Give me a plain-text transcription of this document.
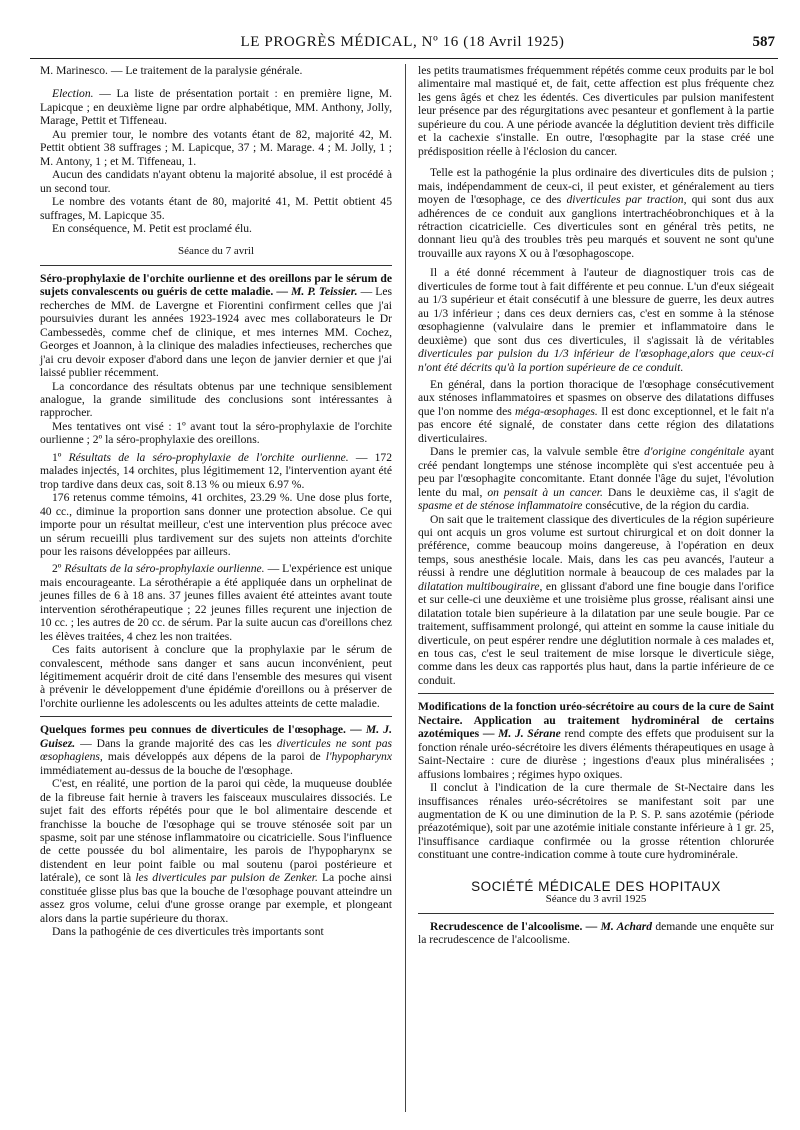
LE PROGRÈS MÉDICAL, Nº 16 (18 Avril 1925)	587

M. Marinesco. — Le traitement de la paralysie générale.

Election. — La liste de présentation portait : en première ligne, M. Lapicque ; en deuxième ligne par ordre alphabétique, MM. Anthony, Jolly, Marage, Pettit et Tiffeneau.

Au premier tour, le nombre des votants étant de 82, majorité 42, M. Pettit obtient 38 suffrages ; M. Lapicque, 37 ; M. Marage. 4 ; M. Jolly, 1 ; M. Antony, 1 ; et M. Tiffeneau, 1.

Aucun des candidats n'ayant obtenu la majorité absolue, il est procédé à un second tour.

Le nombre des votants étant de 80, majorité 41, M. Pettit obtient 45 suffrages, M. Lapicque 35.

En conséquence, M. Petit est proclamé élu.

Séance du 7 avril

Séro-prophylaxie de l'orchite ourlienne et des oreillons par le sérum de sujets convalescents ou guéris de cette maladie. — M. P. Teissier. — Les recherches de MM. de Lavergne et Fiorentini confirment celles que j'ai poursuivies durant les années 1923-1924 avec mes collaborateurs le Dr Cambessedès, comme chef de clinique, et mes internes MM. Cochez, Georges et Joannon, à la clinique des maladies infectieuses, recherches que j'ai cru devoir exposer d'abord dans une leçon de janvier dernier et que j'ai laissé publier récemment.

La concordance des résultats obtenus par une technique sensiblement analogue, la grande similitude des conclusions sont intéressantes à rapprocher.

Mes tentatives ont visé : 1º avant tout la séro-prophylaxie de l'orchite ourlienne ; 2º la séro-prophylaxie des oreillons.

1º Résultats de la séro-prophylaxie de l'orchite ourlienne. — 172 malades injectés, 14 orchites, plus légitimement 12, l'intervention ayant été trop tardive dans deux cas, soit 8.13 % ou mieux 6.97 %.

176 retenus comme témoins, 41 orchites, 23.29 %. Une dose plus forte, 40 cc., diminue la proportion sans donner une protection absolue. Ce qui importe pour un résultat meilleur, c'est une intervention plus précoce avec un sérum recueilli plus tardivement sur des sujets non atteints d'orchite pour les raisons développées par ailleurs.

2º Résultats de la séro-prophylaxie ourlienne. — L'expérience est unique mais encourageante. La sérothérapie a été appliquée dans un orphelinat de jeunes filles de 6 à 18 ans. 37 jeunes filles avaient été atteintes avant toute intervention sérothérapeutique ; 22 jeunes filles reçurent une injection de 10 cc. ; les autres de 20 cc. de sérum. Par la suite aucun cas d'oreillons chez les élèves traitées, 4 chez les non traitées.

Ces faits autorisent à conclure que la prophylaxie par le sérum de convalescent, méthode sans danger et sans aucun inconvénient, peut légitimement acquérir droit de cité dans l'ensemble des mesures qui visent à prévenir le développement d'une épidémie d'oreillons ou à préserver de l'orchite ourlienne les adolescents ou les adultes atteints de cette maladie.

Quelques formes peu connues de diverticules de l'œsophage. — M. J. Guisez. — Dans la grande majorité des cas les diverticules ne sont pas œsophagiens, mais développés aux dépens de la paroi de l'hypopharynx immédiatement au-dessus de la bouche de l'œsophage.

C'est, en réalité, une portion de la paroi qui cède, la muqueuse doublée de la fibreuse fait hernie à travers les faisceaux musculaires dissociés. Le sujet fait des efforts répétés pour que le bol alimentaire descende et franchisse la bouche de l'œsophage qui se trouve sténosée soit par un spasme, soit par une sténose inflammatoire ou cicatricielle. Sous l'influence de cette poussée du bol alimentaire, les parois de l'hypopharynx se distendent en leur point faible ou mal soutenu (paroi postérieure et latérale), ce sont là les diverticules par pulsion de Zenker. La poche ainsi constituée glisse plus bas que la bouche de l'œsophage pouvant atteindre un assez gros volume, celui d'une grosse orange par exemple, et plongeant alors dans la partie supérieure du thorax.

Dans la pathogénie de ces diverticules très importants sont

les petits traumatismes fréquemment répétés comme ceux produits par le bol alimentaire mal mastiqué et, de fait, cette affection est plus fréquente chez les gens âgés et chez les édentés. Ces diverticules par pulsion manifestent leur présence par des régurgitations avec pesanteur et gonflement à la partie supérieure du cou. A une période avancée la déglutition devient très difficile et la cachexie s'installe. En outre, l'œsophagite par la stase créé une prédisposition réelle à l'éclosion du cancer.

Telle est la pathogénie la plus ordinaire des diverticules dits de pulsion ; mais, indépendamment de ceux-ci, il peut exister, et généralement au tiers moyen de l'œsophage, ce des diverticules par traction, qui sont dus aux adhérences de ce conduit aux ganglions intertrachéobronchiques et à la rétraction cicatricielle. Ces diverticules sont en général très petits, ne donnant lieu qu'à des troubles très peu marqués et souvent ne sont qu'une trouvaille aux rayons X ou à l'œsophagoscope.

Il a été donné récemment à l'auteur de diagnostiquer trois cas de diverticules de forme tout à fait différente et peu connue. L'un d'eux siégeait au 1/3 supérieur et était consécutif à une blessure de guerre, les deux autres au 1/3 inférieur ; dans ces deux derniers cas, c'est en somme à la sténose œsophagienne (valvulaire dans le premier et inflammatoire dans le deuxième) que sont dus ces diverticules, il s'agissait là de véritables diverticules par pulsion du 1/3 inférieur de l'œsophage,alors que ceux-ci n'ont été décrits qu'à la portion supérieure de ce conduit.

En général, dans la portion thoracique de l'œsophage consécutivement aux sténoses inflammatoires et spasmes on observe des dilatations diffuses que l'on nomme des méga-œsophages. Il est donc exceptionnel, et le fait n'a pas encore été signalé, de constater dans cette région des dilatations diverticulaires.

Dans le premier cas, la valvule semble être d'origine congénitale ayant créé pendant longtemps une sténose incomplète qui s'est accentuée peu à peu par l'œsophagite concomitante. Etant donnée l'âge du sujet, l'évolution lente du mal, on pensait à un cancer. Dans le deuxième cas, il s'agit de spasme et de sténose inflammatoire consécutive, de la région du cardia.

On sait que le traitement classique des diverticules de la région supérieure qui ont acquis un gros volume est surtout chirurgical et on doit donner la préférence, comme beaucoup moins dangereuse, à l'opération en deux temps, sous anesthésie locale. Mais, dans les cas peu avancés, l'auteur a réussi à rendre une déglutition normale à beaucoup de ces malades par la dilatation multibougiraire, en glissant d'abord une fine bougie dans l'orifice et sur celle-ci une deuxième et une troisième plus grosse, réalisant ainsi une dilatation totale bien supérieure à la dilatation par une seule bougie. Par ce traitement, suffisamment prolongé, qui atteint en somme la cause initiale du diverticule, on peut espérer rendre une déglutition normale à ces malades et, en tous cas, c'est le seul traitement de mise lorsque le diverticule siège, comme dans les deux cas rapportés plus haut, dans la partie inférieure de ce conduit.

Modifications de la fonction uréo-sécrétoire au cours de la cure de Saint Nectaire. Application au traitement hydrominéral de certains azotémiques — M. J. Sérane rend compte des effets que produisent sur la fonction rénale uréo-sécrétoire les divers éléments thérapeutiques en usage à Saint-Nectaire : cure de diurèse ; ingestions d'eaux plus minéralisées ; affusions lombaires ; régimes hypo oxiques.

Il conclut à l'indication de la cure thermale de St-Nectaire dans les insuffisances rénales uréo-sécrétoires se manifestant soit par une augmentation de K ou une diminution de la P. S. P. sans azotémie (période préazotémique), soit par une azotémie initiale constante inférieure à 1 gr. 25, l'insuffisance cardiaque confirmée ou la grosse rétention chlorurée constituant une contre-indication comme à toute cure hydrominérale.

SOCIÉTÉ MÉDICALE DES HOPITAUX

Séance du 3 avril 1925

Recrudescence de l'alcoolisme. — M. Achard demande une enquête sur la recrudescence de l'alcoolisme.
